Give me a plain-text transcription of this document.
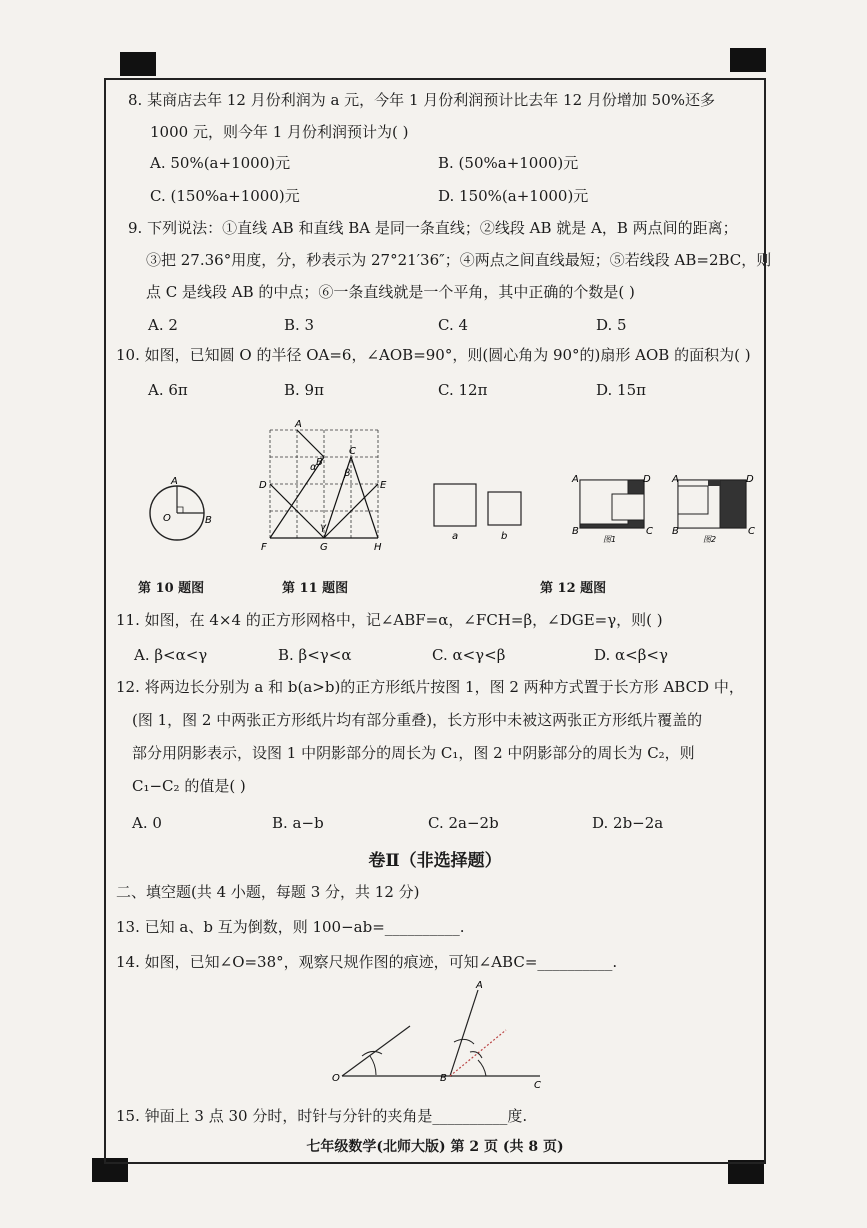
8. 某商店去年 12 月份利润为 a 元，今年 1 月份利润预计比去年 12 月份增加 50%还多
1000 元，则今年 1 月份利润预计为( )
A. 50%(a+1000)元	B. (50%a+1000)元
C. (150%a+1000)元	D. 150%(a+1000)元
9. 下列说法：①直线 AB 和直线 BA 是同一条直线；②线段 AB 就是 A，B 两点间的距离；
③把 27.36°用度，分，秒表示为 27°21′36″；④两点之间直线最短；⑤若线段 AB=2BC，则
点 C 是线段 AB 的中点；⑥一条直线就是一个平角，其中正确的个数是( )
A. 2	B. 3	C. 4	D. 5
10. 如图，已知圆 O 的半径 OA=6，∠AOB=90°，则(圆心角为 90°的)扇形 AOB 的面积为( )
A. 6π	B. 9π	C. 12π	D. 15π
A
O	B
A
B
C
D	E
F	G	H
α
β
γ
a	b
A	D
B	C
图1
A	D
B	C
图2
第 10 题图	第 11 题图	第 12 题图
11. 如图，在 4×4 的正方形网格中，记∠ABF=α，∠FCH=β，∠DGE=γ，则( )
A. β<α<γ	B. β<γ<α	C. α<γ<β	D. α<β<γ
12. 将两边长分别为 a 和 b(a>b)的正方形纸片按图 1，图 2 两种方式置于长方形 ABCD 中，
(图 1，图 2 中两张正方形纸片均有部分重叠)，长方形中未被这两张正方形纸片覆盖的
部分用阴影表示，设图 1 中阴影部分的周长为 C₁，图 2 中阴影部分的周长为 C₂，则
C₁−C₂ 的值是( )
A. 0	B. a−b	C. 2a−2b	D. 2b−2a
卷Ⅱ（非选择题）
二、填空题(共 4 小题，每题 3 分，共 12 分)
13. 已知 a、b 互为倒数，则 100−ab=__________.
14. 如图，已知∠O=38°，观察尺规作图的痕迹，可知∠ABC=__________.
O
A
B
C
15. 钟面上 3 点 30 分时，时针与分针的夹角是__________度.
七年级数学(北师大版) 第 2 页 (共 8 页)
